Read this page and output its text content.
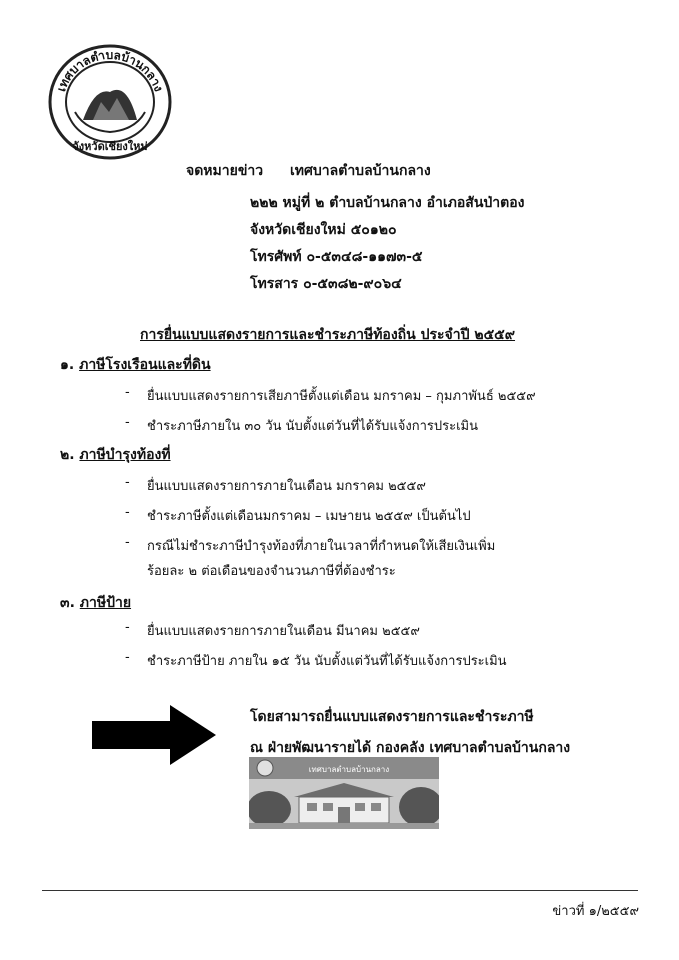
เทศบาลตำบลบ้านกลาง
จังหวัดเชียงใหม่
จดหมายข่าว เทศบาลตำบลบ้านกลาง
๒๒๒ หมู่ที่ ๒ ตำบลบ้านกลาง อำเภอสันป่าตอง
จังหวัดเชียงใหม่ ๕๐๑๒๐
โทรศัพท์ ๐-๕๓๔๘-๑๑๗๓-๕
โทรสาร ๐-๕๓๘๒-๙๐๖๔
การยื่นแบบแสดงรายการและชำระภาษีท้องถิ่น ประจำปี ๒๕๕๙
๑. ภาษีโรงเรือนและที่ดิน
- ยื่นแบบแสดงรายการเสียภาษีตั้งแต่เดือน มกราคม – กุมภาพันธ์ ๒๕๕๙
- ชำระภาษีภายใน ๓๐ วัน นับตั้งแต่วันที่ได้รับแจ้งการประเมิน
๒. ภาษีบำรุงท้องที่
- ยื่นแบบแสดงรายการภายในเดือน มกราคม ๒๕๕๙
- ชำระภาษีตั้งแต่เดือนมกราคม – เมษายน ๒๕๕๙ เป็นต้นไป
- กรณีไม่ชำระภาษีบำรุงท้องที่ภายในเวลาที่กำหนดให้เสียเงินเพิ่ม
ร้อยละ ๒ ต่อเดือนของจำนวนภาษีที่ต้องชำระ
๓. ภาษีป้าย
- ยื่นแบบแสดงรายการภายในเดือน มีนาคม ๒๕๕๙
- ชำระภาษีป้าย ภายใน ๑๕ วัน นับตั้งแต่วันที่ได้รับแจ้งการประเมิน
โดยสามารถยื่นแบบแสดงรายการและชำระภาษี
ณ ฝ่ายพัฒนารายได้ กองคลัง เทศบาลตำบลบ้านกลาง
เทศบาลตำบลบ้านกลาง
ข่าวที่ ๑/๒๕๕๙
